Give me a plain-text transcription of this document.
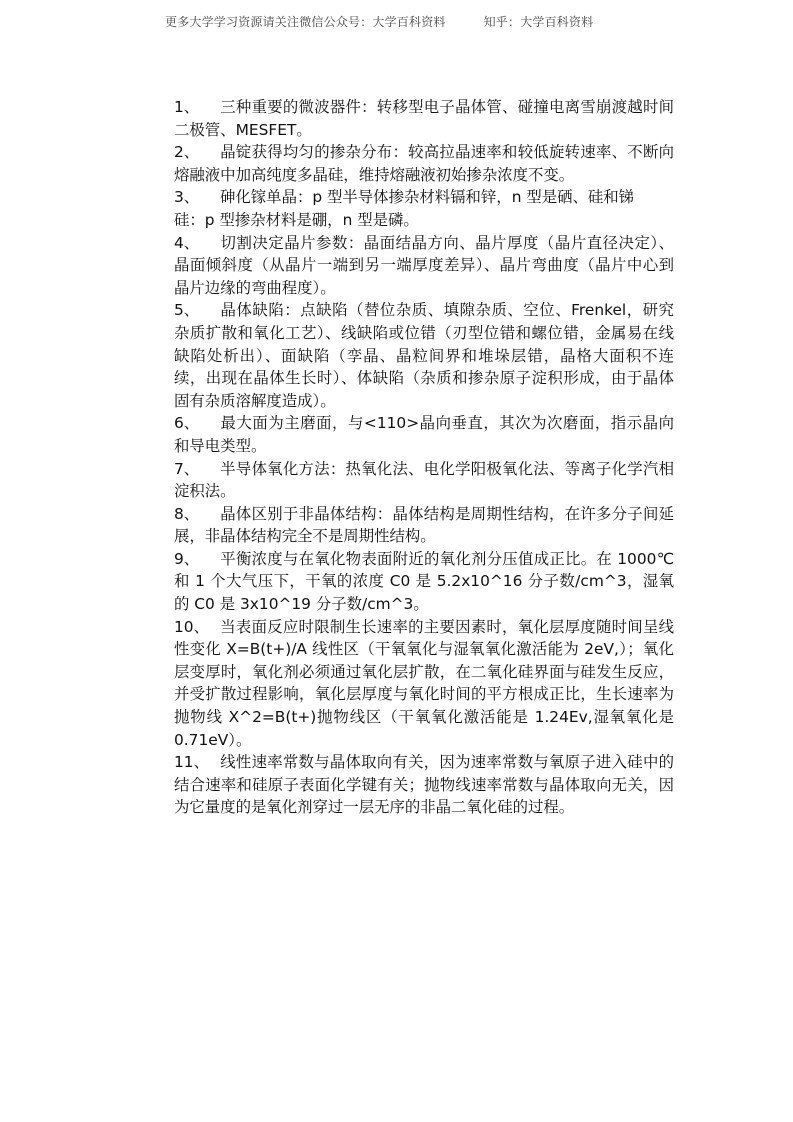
更多大学学习资源请关注微信公众号：大学百科资料	知乎：大学百科资料

1、 三种重要的微波器件：转移型电子晶体管、碰撞电离雪崩渡越时间二极管、MESFET。

2、 晶锭获得均匀的掺杂分布：较高拉晶速率和较低旋转速率、不断向熔融液中加高纯度多晶硅，维持熔融液初始掺杂浓度不变。

3、 砷化镓单晶：p 型半导体掺杂材料镉和锌，n 型是硒、硅和锑

硅：p 型掺杂材料是硼，n 型是磷。

4、 切割决定晶片参数：晶面结晶方向、晶片厚度（晶片直径决定）、晶面倾斜度（从晶片一端到另一端厚度差异）、晶片弯曲度（晶片中心到晶片边缘的弯曲程度）。

5、 晶体缺陷：点缺陷（替位杂质、填隙杂质、空位、Frenkel，研究杂质扩散和氧化工艺）、线缺陷或位错（刃型位错和螺位错，金属易在线缺陷处析出）、面缺陷（孪晶、晶粒间界和堆垛层错，晶格大面积不连续，出现在晶体生长时）、体缺陷（杂质和掺杂原子淀积形成，由于晶体固有杂质溶解度造成）。

6、 最大面为主磨面，与<110>晶向垂直，其次为次磨面，指示晶向和导电类型。

7、 半导体氧化方法：热氧化法、电化学阳极氧化法、等离子化学汽相淀积法。

8、 晶体区别于非晶体结构：晶体结构是周期性结构，在许多分子间延展，非晶体结构完全不是周期性结构。

9、 平衡浓度与在氧化物表面附近的氧化剂分压值成正比。在 1000℃和 1 个大气压下，干氧的浓度 C0 是 5.2x10^16 分子数/cm^3，湿氧的 C0 是 3x10^19 分子数/cm^3。

10、 当表面反应时限制生长速率的主要因素时，氧化层厚度随时间呈线性变化 X=B(t+)/A 线性区（干氧氧化与湿氧氧化激活能为 2eV,）；氧化层变厚时，氧化剂必须通过氧化层扩散，在二氧化硅界面与硅发生反应，并受扩散过程影响，氧化层厚度与氧化时间的平方根成正比，生长速率为抛物线 X^2=B(t+)抛物线区（干氧氧化激活能是 1.24Ev,湿氧氧化是 0.71eV）。

11、 线性速率常数与晶体取向有关，因为速率常数与氧原子进入硅中的结合速率和硅原子表面化学键有关；抛物线速率常数与晶体取向无关，因为它量度的是氧化剂穿过一层无序的非晶二氧化硅的过程。
